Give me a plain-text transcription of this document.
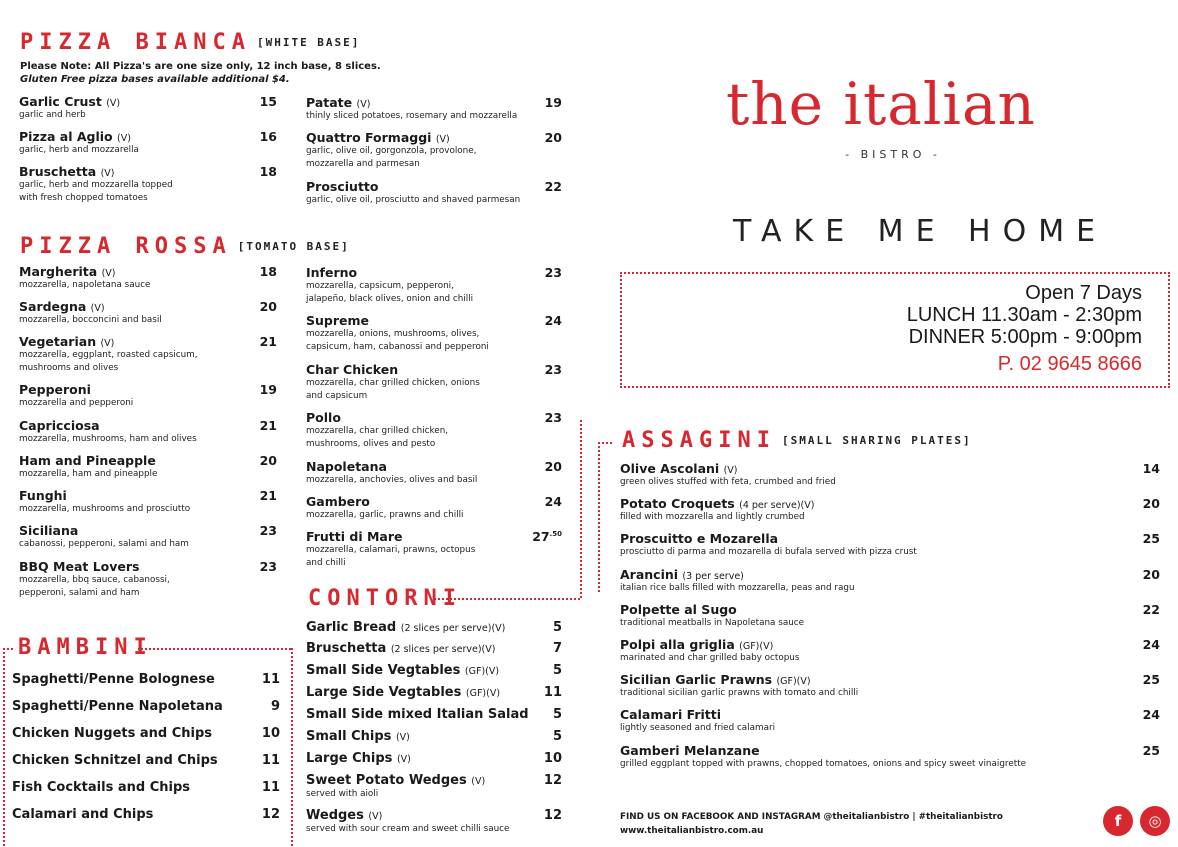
PIZZA BIANCA [WHITE BASE]
Please Note: All Pizza's are one size only, 12 inch base, 8 slices.
Gluten Free pizza bases available additional $4.
Garlic Crust (V)
garlic and herb
15
Pizza al Aglio (V)
garlic, herb and mozzarella
16
Bruschetta (V)
garlic, herb and mozzarella topped
with fresh chopped tomatoes
18
Patate (V)
thinly sliced potatoes, rosemary and mozzarella
19
Quattro Formaggi (V)
garlic, olive oil, gorgonzola, provolone,
mozzarella and parmesan
20
Prosciutto
garlic, olive oil, prosciutto and shaved parmesan
22
PIZZA ROSSA [TOMATO BASE]
Margherita (V)
mozzarella, napoletana sauce
18
Sardegna (V)
mozzarella, bocconcini and basil
20
Vegetarian (V)
mozzarella, eggplant, roasted capsicum,
mushrooms and olives
21
Pepperoni
mozzarella and pepperoni
19
Capricciosa
mozzarella, mushrooms, ham and olives
21
Ham and Pineapple
mozzarella, ham and pineapple
20
Funghi
mozzarella, mushrooms and prosciutto
21
Siciliana
cabanossi, pepperoni, salami and ham
23
BBQ Meat Lovers
mozzarella, bbq sauce, cabanossi,
pepperoni, salami and ham
23
Inferno
mozzarella, capsicum, pepperoni,
jalapeño, black olives, onion and chilli
23
Supreme
mozzarella, onions, mushrooms, olives,
capsicum, ham, cabanossi and pepperoni
24
Char Chicken
mozzarella, char grilled chicken, onions
and capsicum
23
Pollo
mozzarella, char grilled chicken,
mushrooms, olives and pesto
23
Napoletana
mozzarella, anchovies, olives and basil
20
Gambero
mozzarella, garlic, prawns and chilli
24
Frutti di Mare
mozzarella, calamari, prawns, octopus
and chilli
$27^{.50}$
BAMBINI
Spaghetti/Penne Bolognese	11
Spaghetti/Penne Napoletana	9
Chicken Nuggets and Chips	10
Chicken Schnitzel and Chips	11
Fish Cocktails and Chips	11
Calamari and Chips	12
CONTORNI
Garlic Bread (2 slices per serve)(V)	5
Bruschetta (2 slices per serve)(V)	7
Small Side Vegtables (GF)(V)	5
Large Side Vegtables (GF)(V)	11
Small Side mixed Italian Salad	5
Small Chips (V)	5
Large Chips (V)	10
Sweet Potato Wedges (V)
served with aioli
12
Wedges (V)
served with sour cream and sweet chilli sauce
12
the italian
- BISTRO -
TAKE ME HOME
Open 7 Days
LUNCH 11.30am - 2:30pm
DINNER 5:00pm - 9:00pm
P. 02 9645 8666
ASSAGINI [SMALL SHARING PLATES]
Olive Ascolani (V)
green olives stuffed with feta, crumbed and fried
14
Potato Croquets (4 per serve)(V)
filled with mozzarella and lightly crumbed
20
Proscuitto e Mozarella
prosciutto di parma and mozarella di bufala served with pizza crust
25
Arancini (3 per serve)
italian rice balls filled with mozzarella, peas and ragu
20
Polpette al Sugo
traditional meatballs in Napoletana sauce
22
Polpi alla griglia (GF)(V)
marinated and char grilled baby octopus
24
Sicilian Garlic Prawns (GF)(V)
traditional sicilian garlic prawns with tomato and chilli
25
Calamari Fritti
lightly seasoned and fried calamari
24
Gamberi Melanzane
grilled eggplant topped with prawns, chopped tomatoes, onions and spicy sweet vinaigrette
25
FIND US ON FACEBOOK AND INSTAGRAM @theitalianbistro | #theitalianbistro
www.theitalianbistro.com.au
f	◎
